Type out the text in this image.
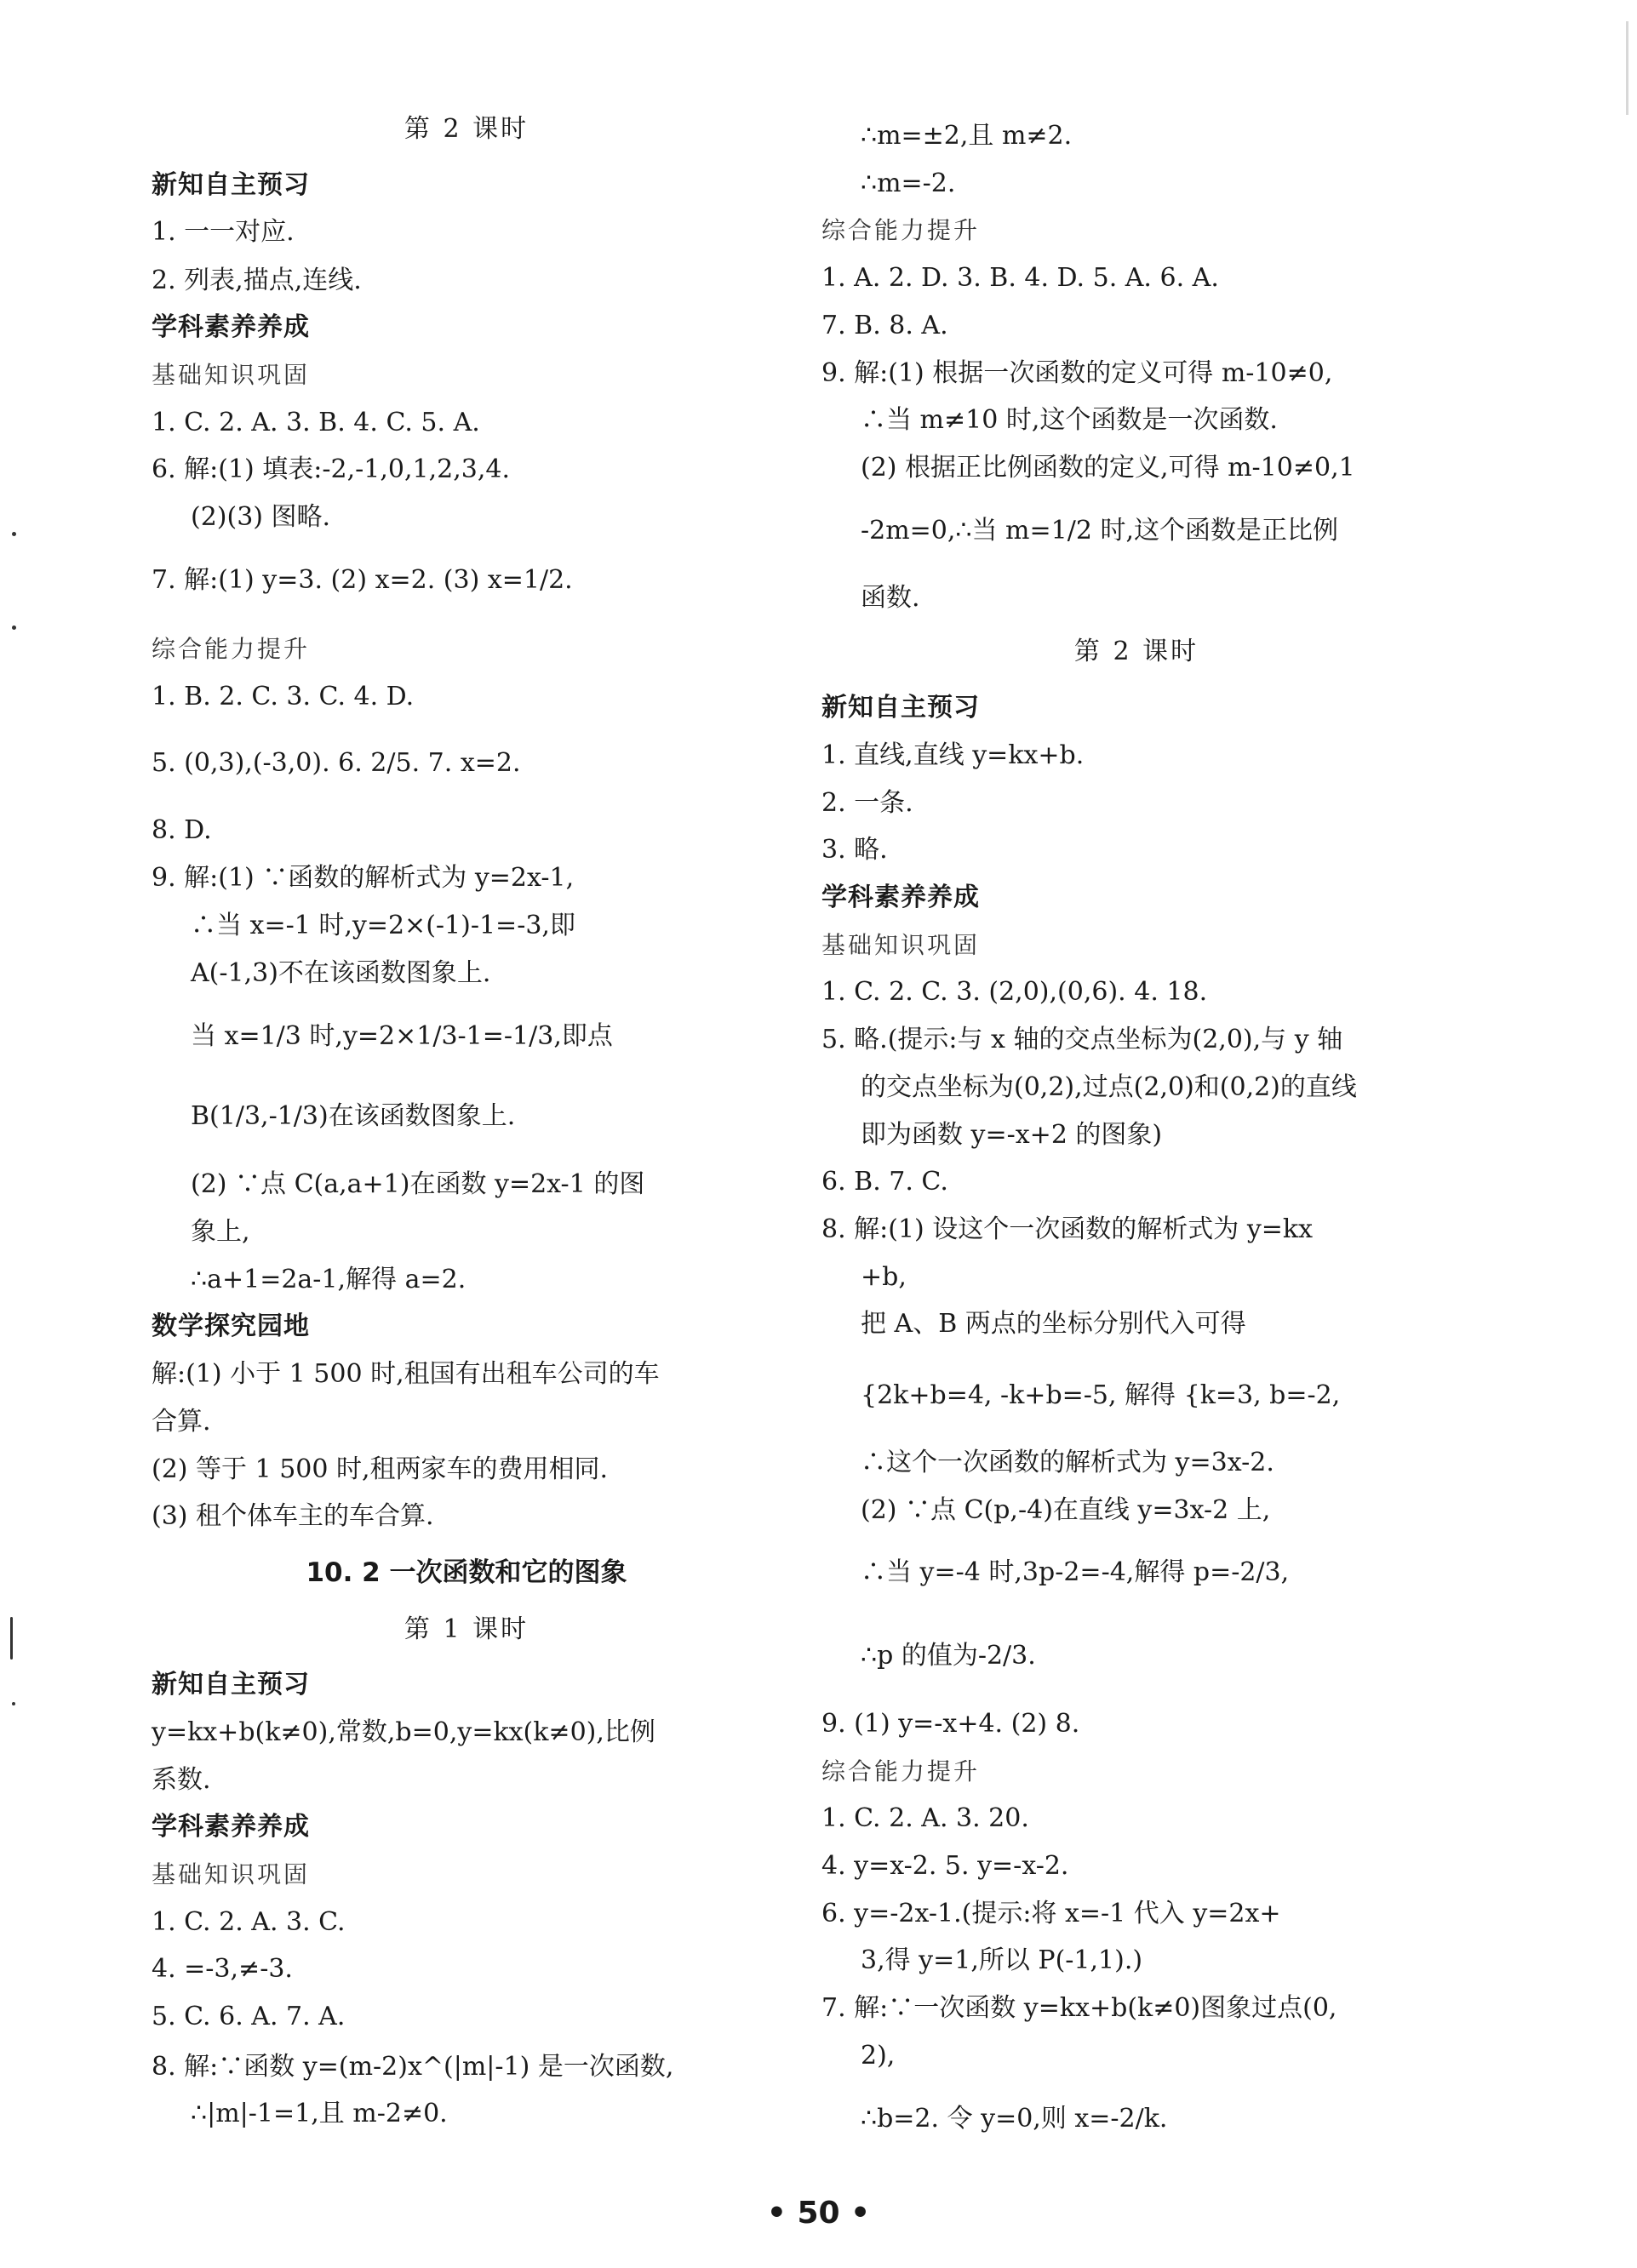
第 2 课时
新知自主预习
1. 一一对应.
2. 列表,描点,连线.
学科素养养成
基础知识巩固
1. C. 2. A. 3. B. 4. C. 5. A.
6. 解:(1) 填表:-2,-1,0,1,2,3,4.
(2)(3) 图略.
7. 解:(1) y=3. (2) x=2. (3) x=1/2.
综合能力提升
1. B. 2. C. 3. C. 4. D.
5. (0,3),(-3,0). 6. 2/5. 7. x=2.
8. D.
9. 解:(1) ∵函数的解析式为 y=2x-1,
∴当 x=-1 时,y=2×(-1)-1=-3,即
A(-1,3)不在该函数图象上.
当 x=1/3 时,y=2×1/3-1=-1/3,即点
B(1/3,-1/3)在该函数图象上.
(2) ∵点 C(a,a+1)在函数 y=2x-1 的图
象上,
∴a+1=2a-1,解得 a=2.
数学探究园地
解:(1) 小于 1 500 时,租国有出租车公司的车
合算.
(2) 等于 1 500 时,租两家车的费用相同.
(3) 租个体车主的车合算.
10. 2 一次函数和它的图象
第 1 课时
新知自主预习
y=kx+b(k≠0),常数,b=0,y=kx(k≠0),比例
系数.
学科素养养成
基础知识巩固
1. C. 2. A. 3. C.
4. =-3,≠-3.
5. C. 6. A. 7. A.
8. 解:∵函数 y=(m-2)x^(|m|-1) 是一次函数,
∴|m|-1=1,且 m-2≠0.
∴m=±2,且 m≠2.
∴m=-2.
综合能力提升
1. A. 2. D. 3. B. 4. D. 5. A. 6. A.
7. B. 8. A.
9. 解:(1) 根据一次函数的定义可得 m-10≠0,
∴当 m≠10 时,这个函数是一次函数.
(2) 根据正比例函数的定义,可得 m-10≠0,1
-2m=0,∴当 m=1/2 时,这个函数是正比例
函数.
第 2 课时
新知自主预习
1. 直线,直线 y=kx+b.
2. 一条.
3. 略.
学科素养养成
基础知识巩固
1. C. 2. C. 3. (2,0),(0,6). 4. 18.
5. 略.(提示:与 x 轴的交点坐标为(2,0),与 y 轴
的交点坐标为(0,2),过点(2,0)和(0,2)的直线
即为函数 y=-x+2 的图象)
6. B. 7. C.
8. 解:(1) 设这个一次函数的解析式为 y=kx
+b,
把 A、B 两点的坐标分别代入可得
{2k+b=4, -k+b=-5, 解得 {k=3, b=-2,
∴这个一次函数的解析式为 y=3x-2.
(2) ∵点 C(p,-4)在直线 y=3x-2 上,
∴当 y=-4 时,3p-2=-4,解得 p=-2/3,
∴p 的值为-2/3.
9. (1) y=-x+4. (2) 8.
综合能力提升
1. C. 2. A. 3. 20.
4. y=x-2. 5. y=-x-2.
6. y=-2x-1.(提示:将 x=-1 代入 y=2x+
3,得 y=1,所以 P(-1,1).)
7. 解:∵一次函数 y=kx+b(k≠0)图象过点(0,
2),
∴b=2. 令 y=0,则 x=-2/k.
• 50 •
